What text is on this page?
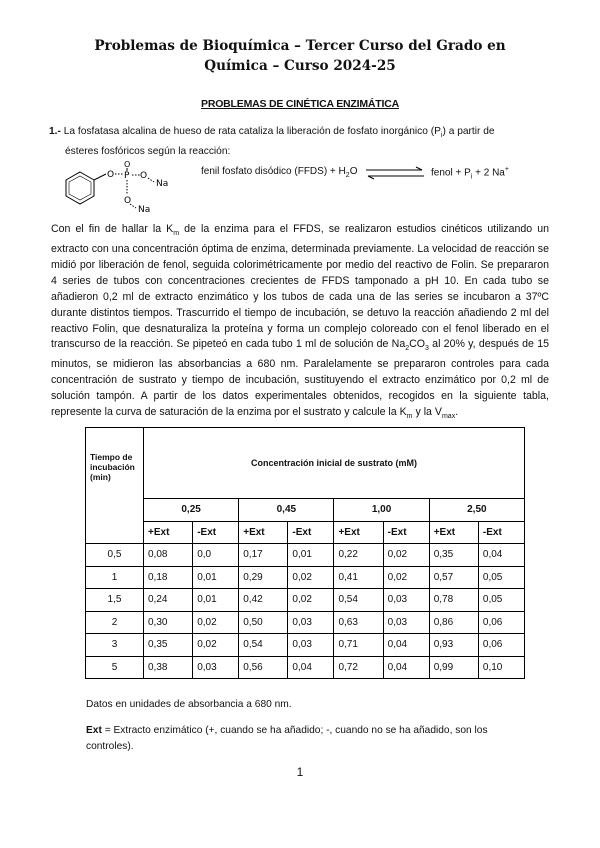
Problemas de Bioquímica – Tercer Curso del Grado en
Química – Curso 2024-25
PROBLEMAS DE CINÉTICA ENZIMÁTICA
1.- La fosfatasa alcalina de hueso de rata cataliza la liberación de fosfato inorgánico $(P_i)$ a partir de
ésteres fosfóricos según la reacción:
O P
O
O
Na
O
Na
fenil fosfato disódico (FFDS) + $H_2O$	fenol + $P_i + 2$ Na+
Con el fin de hallar la $K_m$ de la enzima para el FFDS, se realizaron estudios cinéticos utilizando un extracto con una concentración óptima de enzima, determinada previamente. La velocidad de reacción se midió por liberación de fenol, seguida colorimétricamente por medio del reactivo de Folin. Se prepararon 4 series de tubos con concentraciones crecientes de FFDS tamponado a pH 10. En cada tubo se añadieron 0,2 ml de extracto enzimático y los tubos de cada una de las series se incubaron a 37ºC durante distintos tiempos. Trascurrido el tiempo de incubación, se detuvo la reacción añadiendo 2 ml del reactivo Folin, que desnaturaliza la proteína y forma un complejo coloreado con el fenol liberado en el transcurso de la reacción. Se pipeteó en cada tubo 1 ml de solución de $Na_2CO_3$ al 20% y, después de 15 minutos, se midieron las absorbancias a 680 nm. Paralelamente se prepararon controles para cada concentración de sustrato y tiempo de incubación, sustituyendo el extracto enzimático por 0,2 ml de solución tampón. A partir de los datos experimentales obtenidos, recogidos en la siguiente tabla, represente la curva de saturación de la enzima por el sustrato y calcule la $K_m$ y la $V_{max}$.
Tiempo de incubación (min)	Concentración inicial de sustrato (mM)							
	0,25		0,45		1,00		2,50	
	+Ext	-Ext	+Ext	-Ext	+Ext	-Ext	+Ext	-Ext
0,5	0,08	0,0	0,17	0,01	0,22	0,02	0,35	0,04
1	0,18	0,01	0,29	0,02	0,41	0,02	0,57	0,05
1,5	0,24	0,01	0,42	0,02	0,54	0,03	0,78	0,05
2	0,30	0,02	0,50	0,03	0,63	0,03	0,86	0,06
3	0,35	0,02	0,54	0,03	0,71	0,04	0,93	0,06
5	0,38	0,03	0,56	0,04	0,72	0,04	0,99	0,10
Datos en unidades de absorbancia a 680 nm.
Ext = Extracto enzimático (+, cuando se ha añadido; -, cuando no se ha añadido, son los controles).
1
